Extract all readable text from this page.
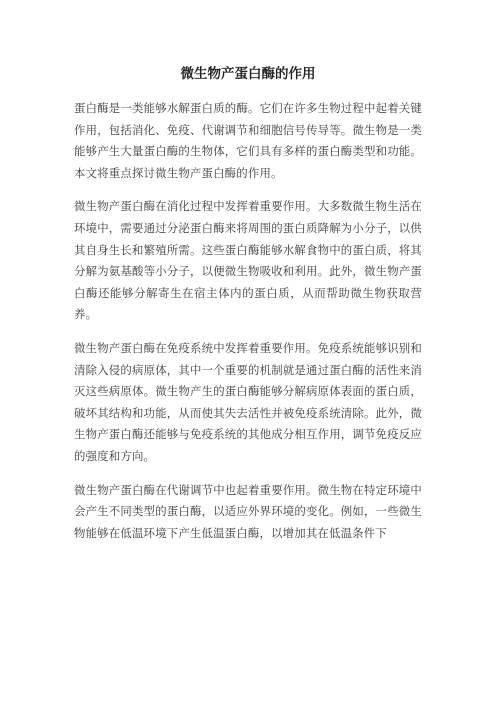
微生物产蛋白酶的作用

蛋白酶是一类能够水解蛋白质的酶。它们在许多生物过程中起着关键作用，包括消化、免疫、代谢调节和细胞信号传导等。微生物是一类能够产生大量蛋白酶的生物体，它们具有多样的蛋白酶类型和功能。本文将重点探讨微生物产蛋白酶的作用。

微生物产蛋白酶在消化过程中发挥着重要作用。大多数微生物生活在环境中，需要通过分泌蛋白酶来将周围的蛋白质降解为小分子，以供其自身生长和繁殖所需。这些蛋白酶能够水解食物中的蛋白质，将其分解为氨基酸等小分子，以便微生物吸收和利用。此外，微生物产蛋白酶还能够分解寄生在宿主体内的蛋白质，从而帮助微生物获取营养。

微生物产蛋白酶在免疫系统中发挥着重要作用。免疫系统能够识别和清除入侵的病原体，其中一个重要的机制就是通过蛋白酶的活性来消灭这些病原体。微生物产生的蛋白酶能够分解病原体表面的蛋白质，破坏其结构和功能，从而使其失去活性并被免疫系统清除。此外，微生物产蛋白酶还能够与免疫系统的其他成分相互作用，调节免疫反应的强度和方向。

微生物产蛋白酶在代谢调节中也起着重要作用。微生物在特定环境中会产生不同类型的蛋白酶，以适应外界环境的变化。例如，一些微生物能够在低温环境下产生低温蛋白酶，以增加其在低温条件下
